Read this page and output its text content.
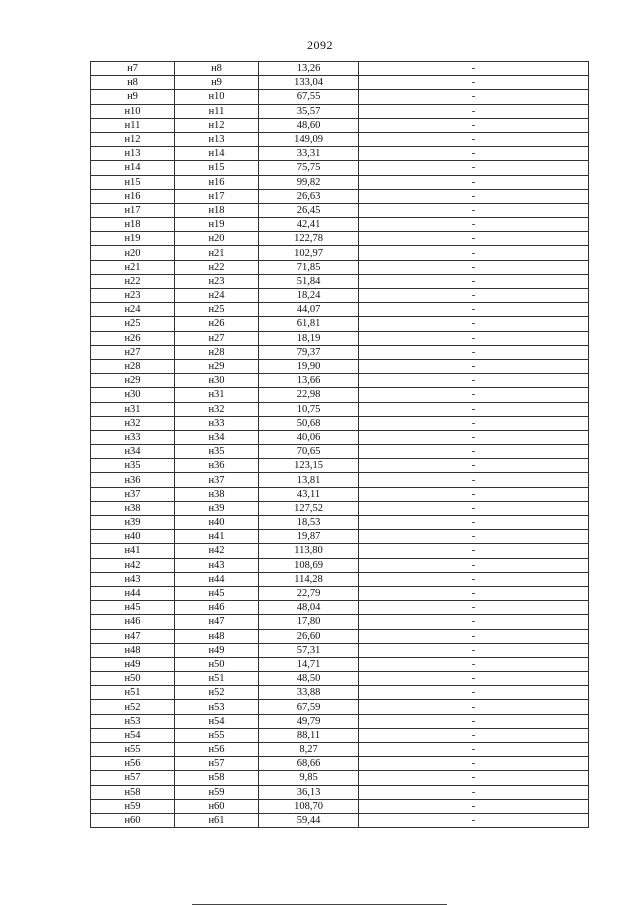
2092
н7	н8	13,26	-
н8	н9	133,04	-
н9	н10	67,55	-
н10	н11	35,57	-
н11	н12	48,60	-
н12	н13	149,09	-
н13	н14	33,31	-
н14	н15	75,75	-
н15	н16	99,82	-
н16	н17	26,63	-
н17	н18	26,45	-
н18	н19	42,41	-
н19	н20	122,78	-
н20	н21	102,97	-
н21	н22	71,85	-
н22	н23	51,84	-
н23	н24	18,24	-
н24	н25	44,07	-
н25	н26	61,81	-
н26	н27	18,19	-
н27	н28	79,37	-
н28	н29	19,90	-
н29	н30	13,66	-
н30	н31	22,98	-
н31	н32	10,75	-
н32	н33	50,68	-
н33	н34	40,06	-
н34	н35	70,65	-
н35	н36	123,15	-
н36	н37	13,81	-
н37	н38	43,11	-
н38	н39	127,52	-
н39	н40	18,53	-
н40	н41	19,87	-
н41	н42	113,80	-
н42	н43	108,69	-
н43	н44	114,28	-
н44	н45	22,79	-
н45	н46	48,04	-
н46	н47	17,80	-
н47	н48	26,60	-
н48	н49	57,31	-
н49	н50	14,71	-
н50	н51	48,50	-
н51	н52	33,88	-
н52	н53	67,59	-
н53	н54	49,79	-
н54	н55	88,11	-
н55	н56	8,27	-
н56	н57	68,66	-
н57	н58	9,85	-
н58	н59	36,13	-
н59	н60	108,70	-
н60	н61	59,44	-
